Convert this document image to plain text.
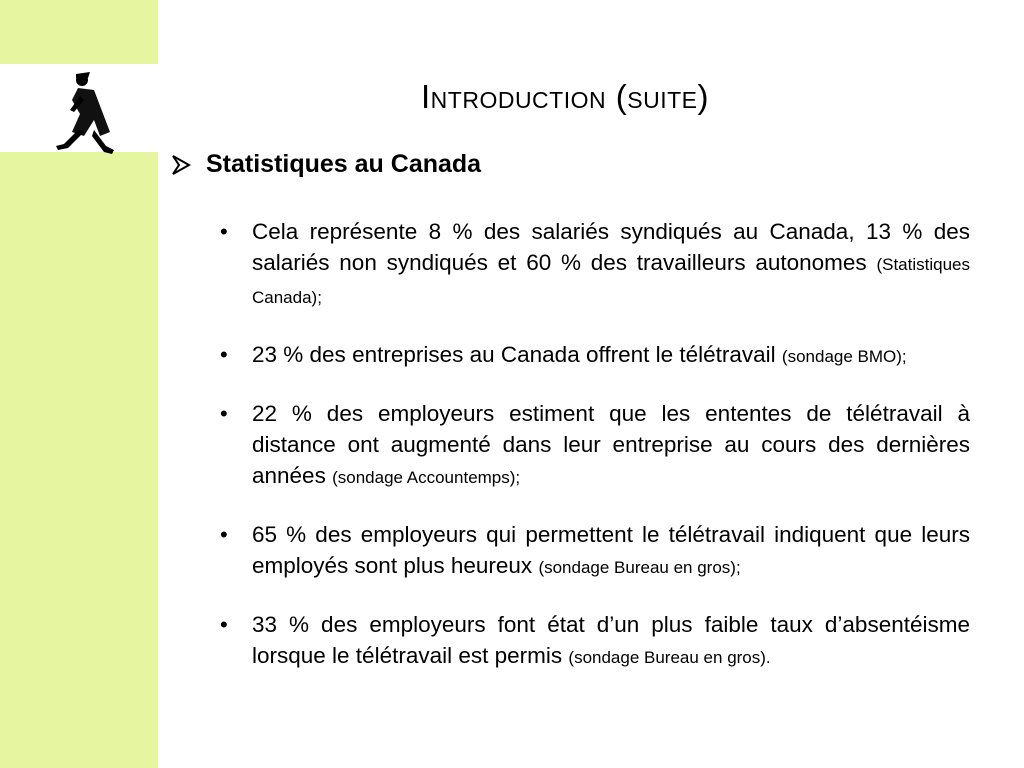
Introduction (suite)
Statistiques au Canada
• Cela représente 8 % des salariés syndiqués au Canada, 13 % des salariés non syndiqués et 60 % des travailleurs autonomes (Statistiques Canada);
• 23 % des entreprises au Canada offrent le télétravail (sondage BMO);
• 22 % des employeurs estiment que les ententes de télétravail à distance ont augmenté dans leur entreprise au cours des dernières années (sondage Accountemps);
• 65 % des employeurs qui permettent le télétravail indiquent que leurs employés sont plus heureux (sondage Bureau en gros);
• 33 % des employeurs font état d’un plus faible taux d’absentéisme lorsque le télétravail est permis (sondage Bureau en gros).
